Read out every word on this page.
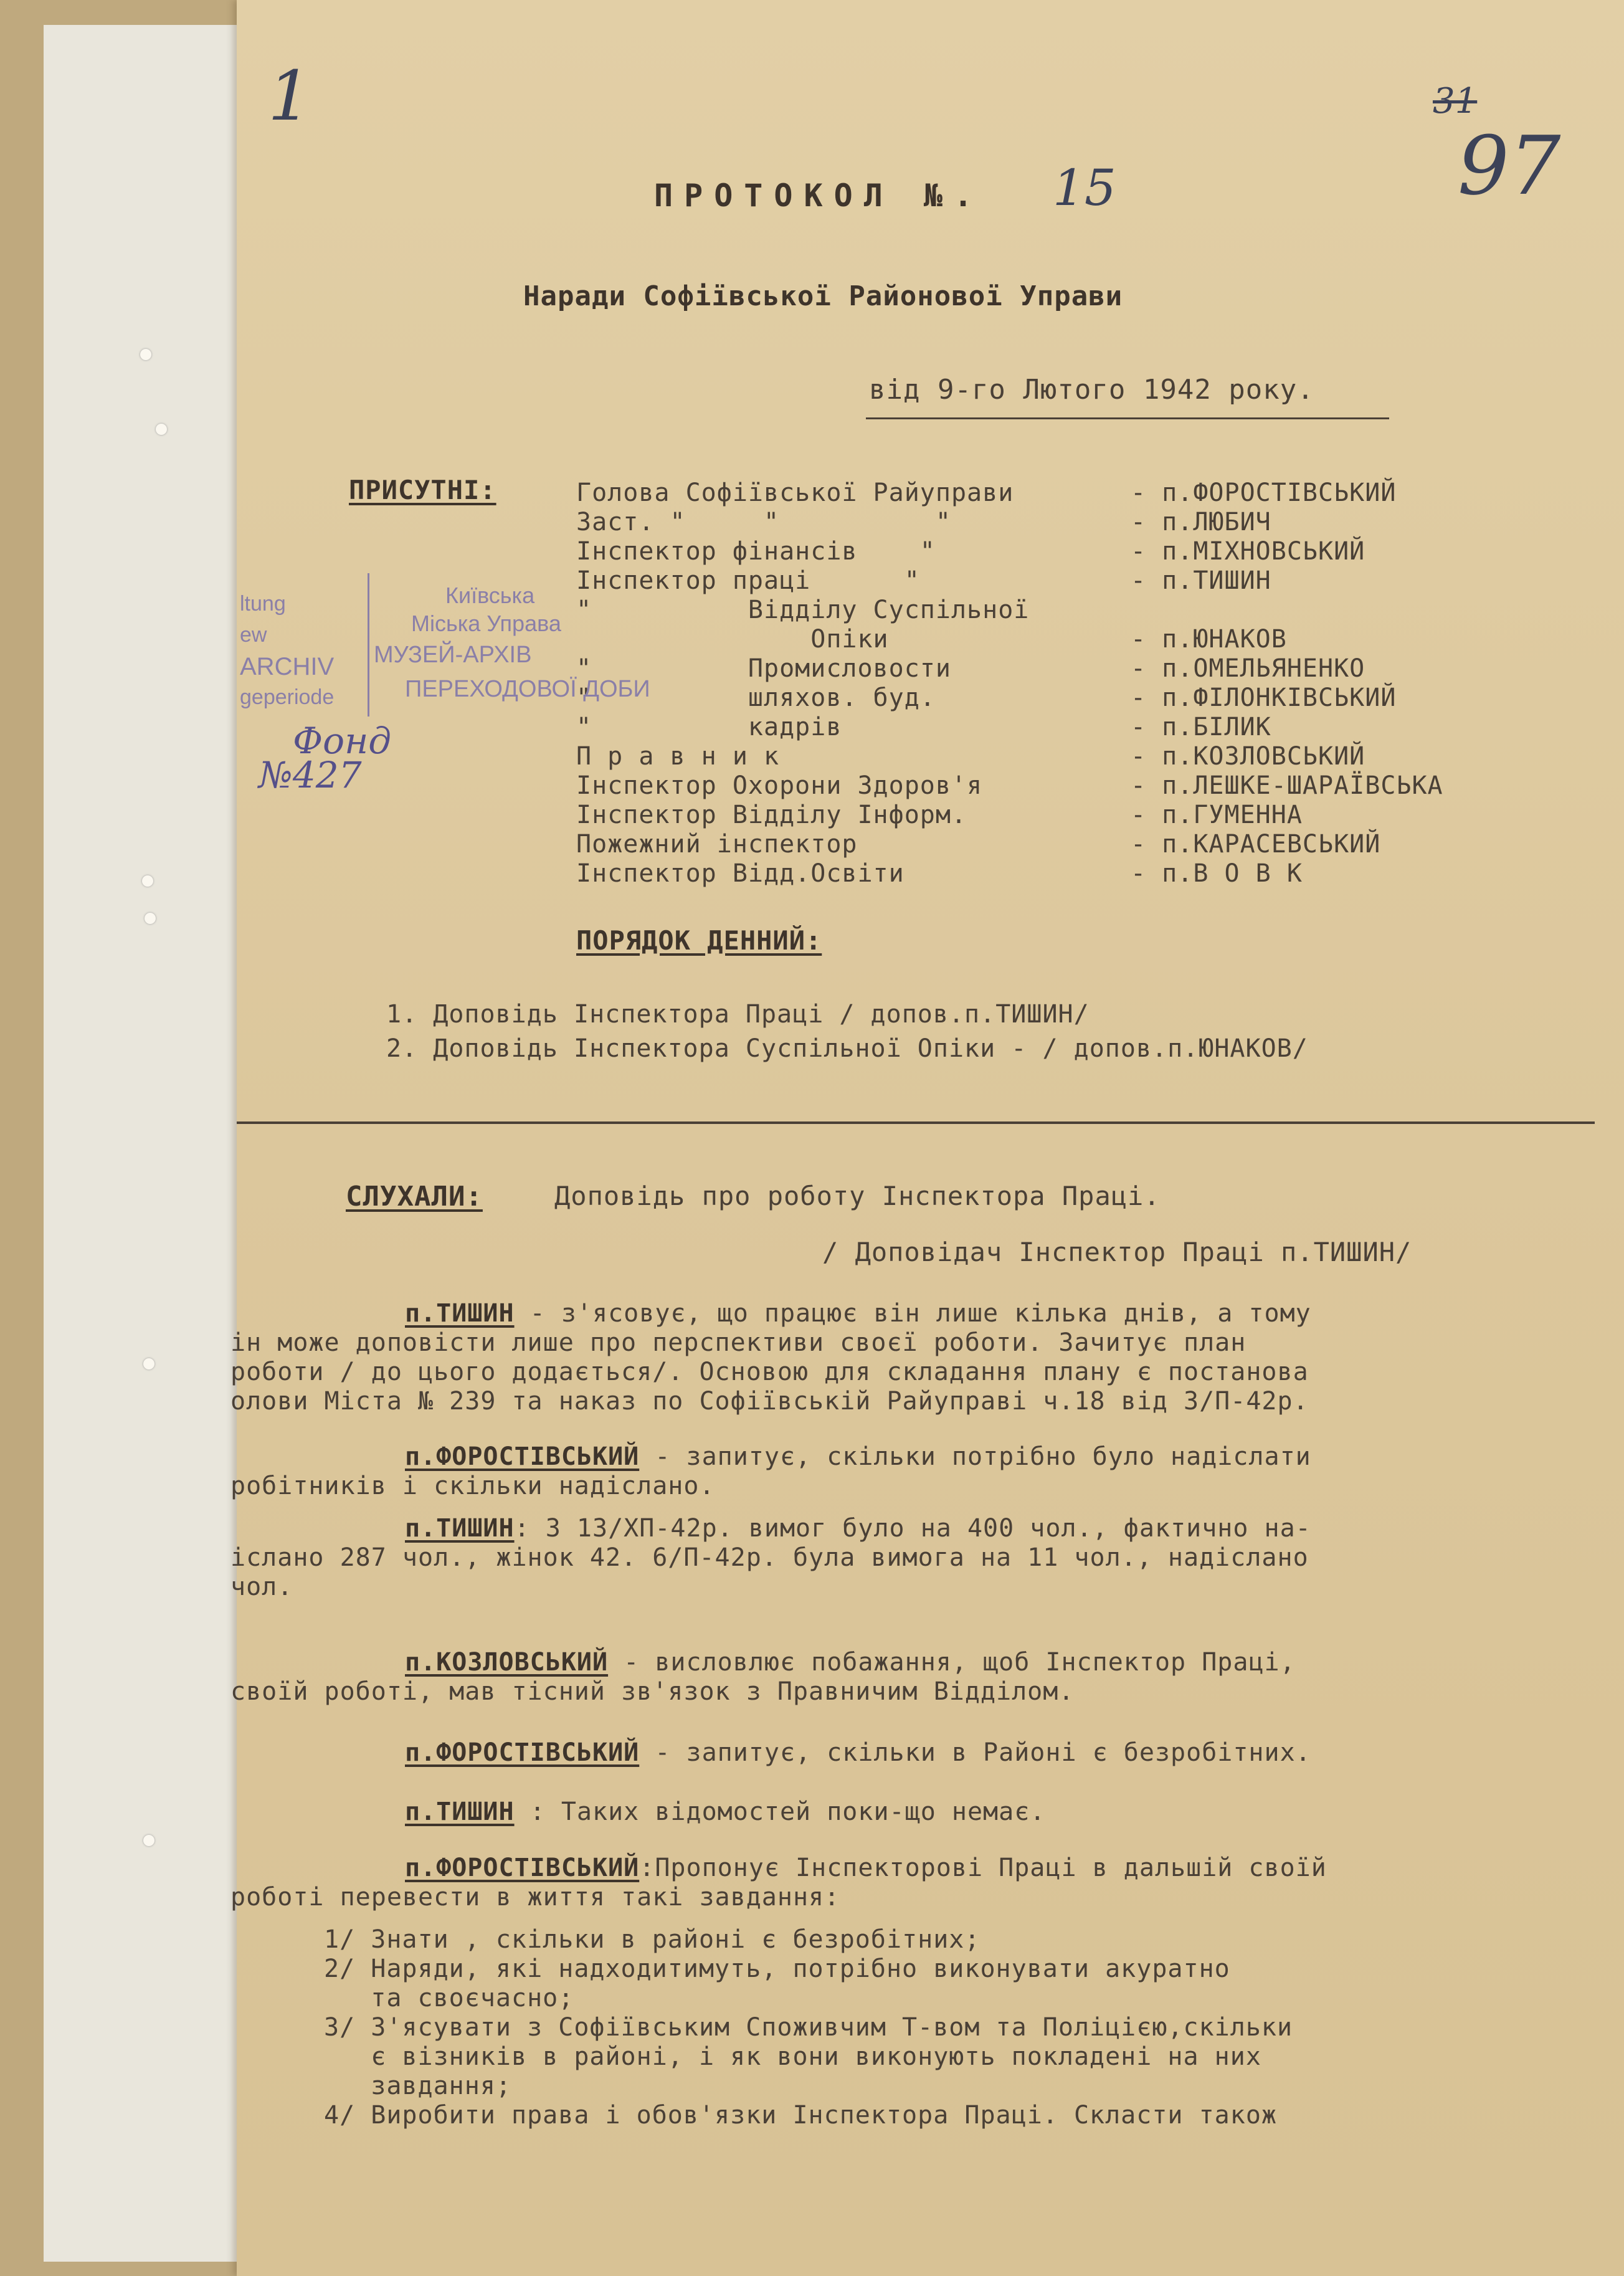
1	31
97
ПРОТОКОЛ №. 15
Наради Софіївської Районової Управи
від 9-го Лютого 1942 року.
ПРИСУТНІ:	Голова Софіївської Райуправи	- п.ФОРОСТІВСЬКИЙ
Заст. "     "          "	- п.ЛЮБИЧ
Інспектор фінансів    "	- п.МІХНОВСЬКИЙ
Інспектор праці      "	- п.ТИШИН
"          Відділу Суспільної
Опіки	- п.ЮНАКОВ
"          Промисловости	- п.ОМЕЛЬЯНЕНКО
"          шляхов. буд.	- п.ФІЛОНКІВСЬКИЙ
"          кадрів	- п.БІЛИК
П р а в н и к	- п.КОЗЛОВСЬКИЙ
Інспектор Охорони Здоров'я	- п.ЛЕШКЕ-ШАРАЇВСЬКА
Інспектор Відділу Інформ.	- п.ГУМЕННА
Пожежний інспектор	- п.КАРАСЕВСЬКИЙ
Інспектор Відд.Освіти	- п.В О В К
ltung
ew
ARCHIV
geperiode
Фонд
№427
ПОРЯДОК ДЕННИЙ:
1. Доповідь Інспектора Праці / допов.п.ТИШИН/
2. Доповідь Інспектора Суспільної Опіки - / допов.п.ЮНАКОВ/
СЛУХАЛИ:	Доповідь про роботу Інспектора Праці.
/ Доповідач Інспектор Праці п.ТИШИН/
п.ТИШИН - з'ясовує, що працює він лише кілька днів, а тому
ін може доповісти лише про перспективи своєї роботи. Зачитує план
роботи / до цього додається/. Основою для складання плану є постанова
олови Міста № 239 та наказ по Софіївській Райуправі ч.18 від 3/П-42р.
п.ФОРОСТІВСЬКИЙ - запитує, скільки потрібно було надіслати
робітників і скільки надіслано.
п.ТИШИН: З 13/ХП-42р. вимог було на 400 чол., фактично на-
іслано 287 чол., жінок 42. 6/П-42р. була вимога на 11 чол., надіслано
чол.
п.КОЗЛОВСЬКИЙ - висловлює побажання, щоб Інспектор Праці,
своїй роботі, мав тісний зв'язок з Правничим Відділом.
п.ФОРОСТІВСЬКИЙ - запитує, скільки в Районі є безробітних.
п.ТИШИН : Таких відомостей поки-що немає.
п.ФОРОСТІВСЬКИЙ:Пропонує Інспекторові Праці в дальшій своїй
роботі перевести в життя такі завдання:
1/ Знати , скільки в районі є безробітних;
2/ Наряди, які надходитимуть, потрібно виконувати акуратно
та своєчасно;
3/ З'ясувати з Софіївським Споживчим Т-вом та Поліцією,скільки
є візників в районі, і як вони виконують покладені на них
завдання;
4/ Виробити права і обов'язки Інспектора Праці. Скласти також
Київська
Міська Управа
МУЗЕЙ-АРХІВ
ПЕРЕХОДОВОЇ ДОБИ
